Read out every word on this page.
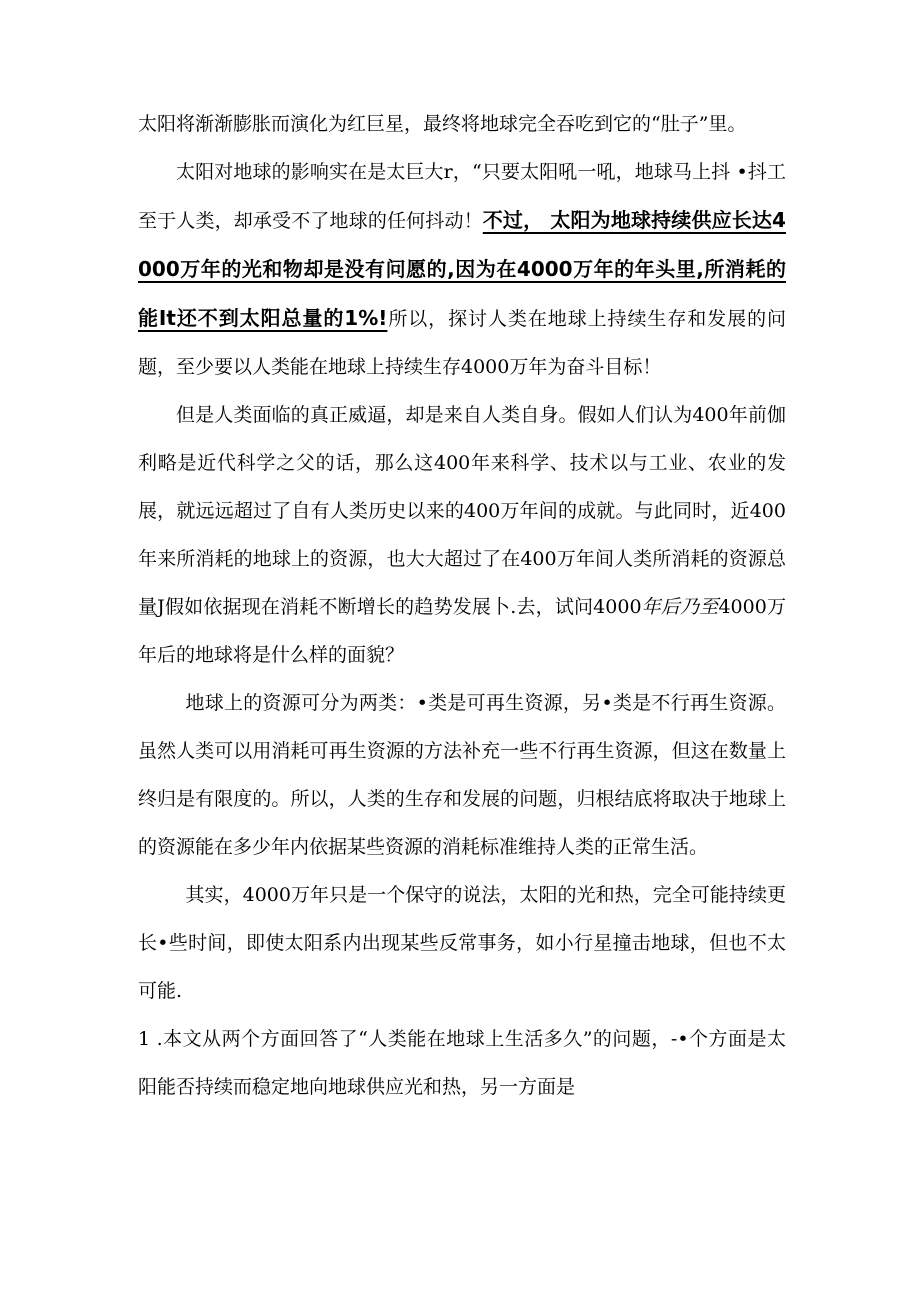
太阳将渐渐膨胀而演化为红巨星，最终将地球完全吞吃到它的“肚子”里。

太阳对地球的影响实在是太巨大r，“只要太阳吼一吼，地球马上抖 •抖工至于人类，却承受不了地球的任何抖动！不过， 太阳为地球持续供应长达4000万年的光和物却是没有问愿的,因为在4000万年的年头里,所消耗的能It还不到太阳总量的1%!所以，探讨人类在地球上持续生存和发展的问题，至少要以人类能在地球上持续生存4000万年为奋斗目标！

但是人类面临的真正威逼，却是来自人类自身。假如人们认为400年前伽利略是近代科学之父的话，那么这400年来科学、技术以与工业、农业的发展，就远远超过了自有人类历史以来的400万年间的成就。与此同时，近400年来所消耗的地球上的资源，也大大超过了在400万年间人类所消耗的资源总量J假如依据现在消耗不断增长的趋势发展卜.去，试问4000年后乃至4000万年后的地球将是什么样的面貌？

地球上的资源可分为两类：•类是可再生资源，另•类是不行再生资源。虽然人类可以用消耗可再生资源的方法补充一些不行再生资源，但这在数量上终归是有限度的。所以，人类的生存和发展的问题，归根结底将取决于地球上的资源能在多少年内依据某些资源的消耗标准维持人类的正常生活。

其实，4000万年只是一个保守的说法，太阳的光和热，完全可能持续更长•些时间，即使太阳系内出现某些反常事务，如小行星撞击地球，但也不太可能.

1 .本文从两个方面回答了“人类能在地球上生活多久”的问题，-•个方面是太阳能否持续而稳定地向地球供应光和热，另一方面是
